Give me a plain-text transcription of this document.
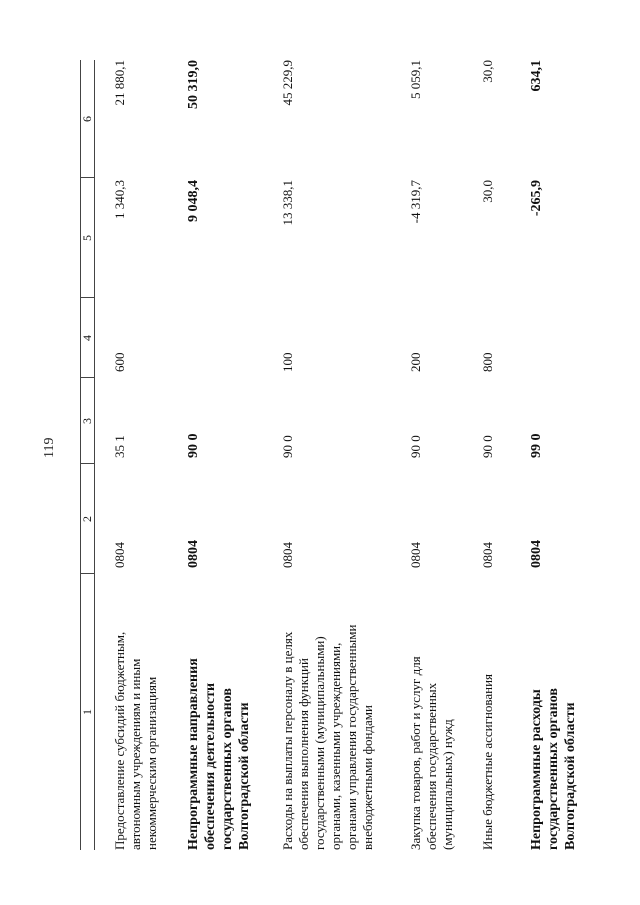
119
1
2
3
4
5
6
Предоставление субсидий бюджетным, автономным учреждениям и иным некоммерческим организациям
0804
35 1
600
1 340,3
21 880,1
Непрограммные направления обеспечения деятельности государственных органов Волгоградской области
0804
90 0
9 048,4
50 319,0
Расходы на выплаты персоналу в целях обеспечения выполнения функций государственными (муниципальными) органами, казенными учреждениями, органами управления государственными внебюджетными фондами
0804
90 0
100
13 338,1
45 229,9
Закупка товаров, работ и услуг для обеспечения государственных (муниципальных) нужд
0804
90 0
200
-4 319,7
5 059,1
Иные бюджетные ассигнования
0804
90 0
800
30,0
30,0
Непрограммные расходы государственных органов Волгоградской области
0804
99 0
-265,9
634,1
